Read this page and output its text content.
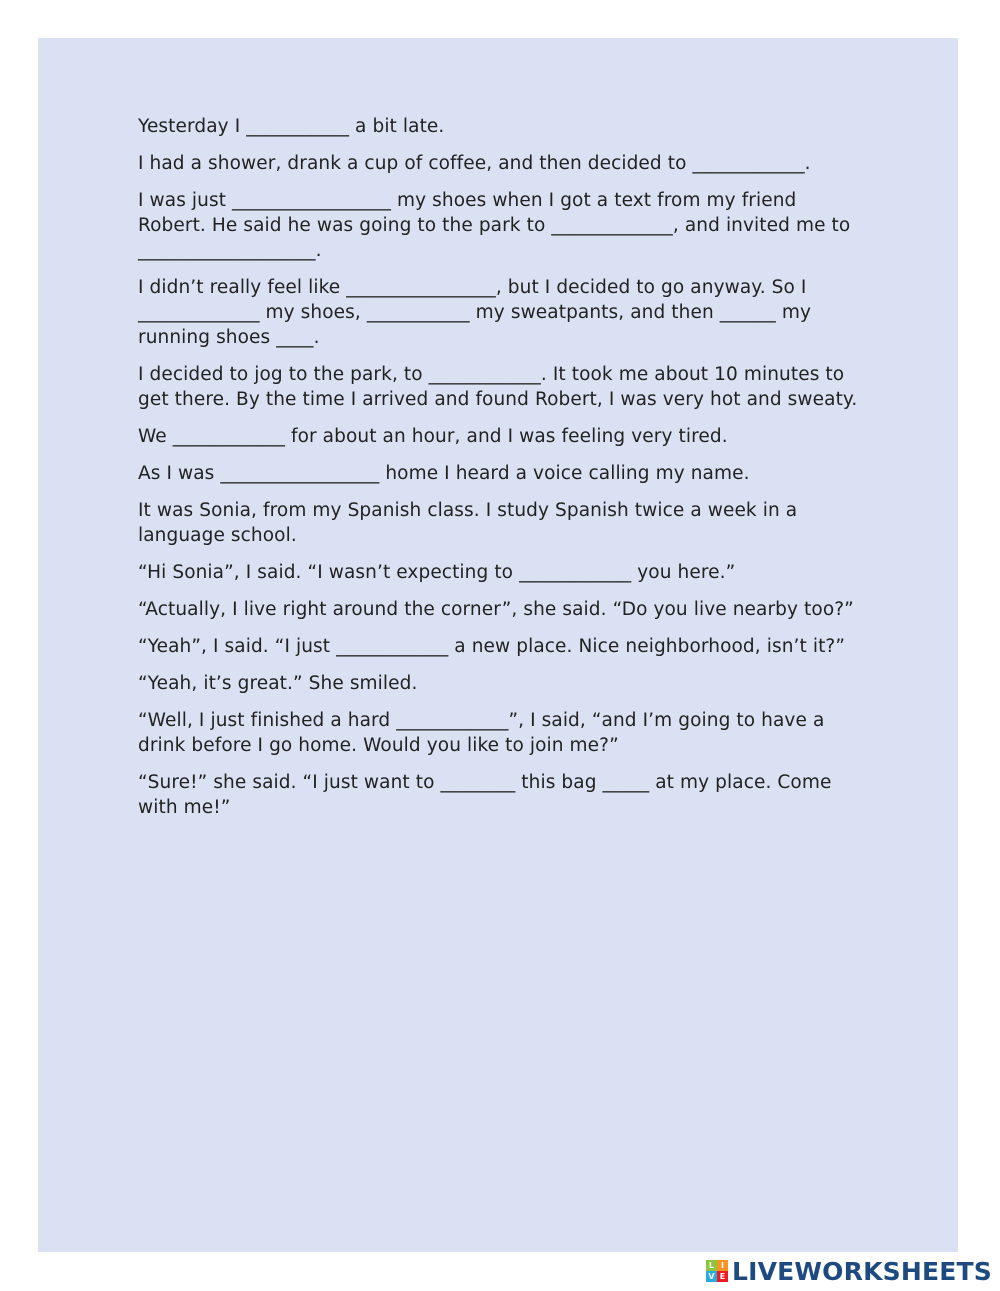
Yesterday I ___________ a bit late.

I had a shower, drank a cup of coffee, and then decided to ____________.

I was just _________________ my shoes when I got a text from my friend Robert. He said he was going to the park to _____________, and invited me to ___________________.

I didn’t really feel like ________________, but I decided to go anyway. So I _____________ my shoes, ___________ my sweatpants, and then ______ my running shoes ____.

I decided to jog to the park, to ____________. It took me about 10 minutes to get there. By the time I arrived and found Robert, I was very hot and sweaty.

We ____________ for about an hour, and I was feeling very tired.

As I was _________________ home I heard a voice calling my name.

It was Sonia, from my Spanish class. I study Spanish twice a week in a language school.

“Hi Sonia”, I said. “I wasn’t expecting to ____________ you here.”

“Actually, I live right around the corner”, she said. “Do you live nearby too?”

“Yeah”, I said. “I just ____________ a new place. Nice neighborhood, isn’t it?”

“Yeah, it’s great.” She smiled.

“Well, I just finished a hard ____________”, I said, “and I’m going to have a drink before I go home. Would you like to join me?”

“Sure!” she said. “I just want to ________ this bag _____ at my place. Come with me!”

L I
V E LIVEWORKSHEETS
